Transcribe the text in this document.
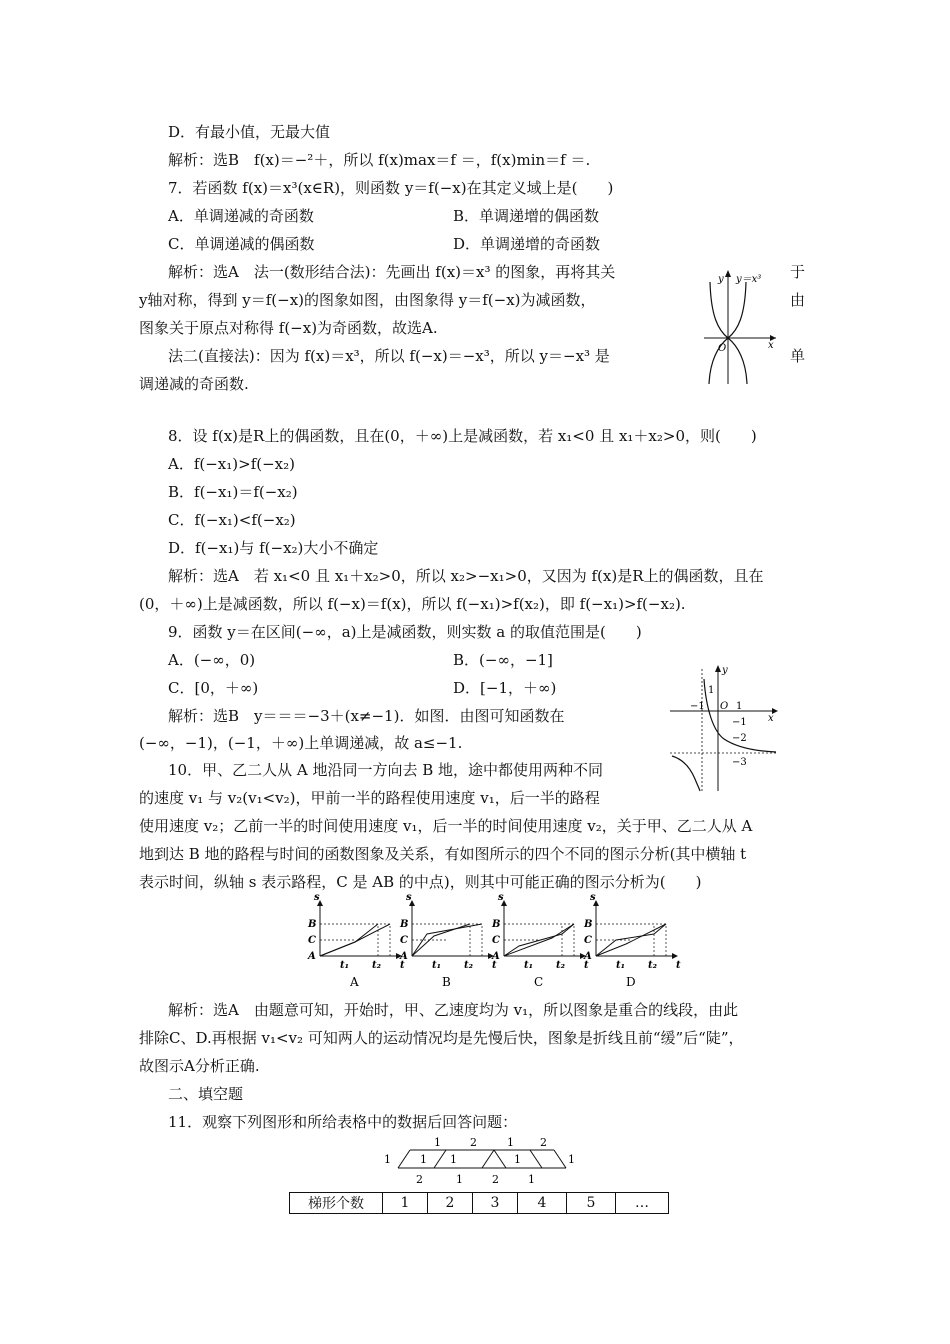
D．有最小值，无最大值
解析：选B　f(x)＝−²＋，所以 f(x)max＝f ＝，f(x)min＝f ＝.
7．若函数 f(x)＝x³(x∈R)，则函数 y＝f(−x)在其定义域上是(　　)
A．单调递减的奇函数	B．单调递增的偶函数
C．单调递减的偶函数	D．单调递增的奇函数
解析：选A　法一(数形结合法)：先画出 f(x)＝x³ 的图象，再将其关	于
y轴对称，得到 y＝f(−x)的图象如图，由图象得 y＝f(−x)为减函数，	由
图象关于原点对称得 f(−x)为奇函数，故选A.
法二(直接法)：因为 f(x)＝x³，所以 f(−x)＝−x³，所以 y＝−x³ 是	单
调递减的奇函数.
8．设 f(x)是R上的偶函数，且在(0，＋∞)上是减函数，若 x₁<0 且 x₁＋x₂>0，则(　　)
A．f(−x₁)>f(−x₂)
B．f(−x₁)＝f(−x₂)
C．f(−x₁)<f(−x₂)
D．f(−x₁)与 f(−x₂)大小不确定
解析：选A　若 x₁<0 且 x₁＋x₂>0，所以 x₂>−x₁>0，又因为 f(x)是R上的偶函数，且在
(0，＋∞)上是减函数，所以 f(−x)＝f(x)，所以 f(−x₁)>f(x₂)，即 f(−x₁)>f(−x₂).
9．函数 y＝在区间(−∞，a)上是减函数，则实数 a 的取值范围是(　　)
A．(−∞，0)	B．(−∞，−1]
C．[0，＋∞)	D．[−1，＋∞)
解析：选B　y＝＝＝−3＋(x≠−1)．如图．由图可知函数在
(−∞，−1)，(−1，＋∞)上单调递减，故 a≤−1.
10．甲、乙二人从 A 地沿同一方向去 B 地，途中都使用两种不同
的速度 v₁ 与 v₂(v₁<v₂)，甲前一半的路程使用速度 v₁，后一半的路程
使用速度 v₂；乙前一半的时间使用速度 v₁，后一半的时间使用速度 v₂，关于甲、乙二人从 A
地到达 B 地的路程与时间的函数图象及关系，有如图所示的四个不同的图示分析(其中横轴 t
表示时间，纵轴 s 表示路程，C 是 AB 的中点)，则其中可能正确的图示分析为(　　)
解析：选A　由题意可知，开始时，甲、乙速度均为 v₁，所以图象是重合的线段，由此
排除C、D.再根据 v₁<v₂ 可知两人的运动情况均是先慢后快，图象是折线且前“缓”后“陡”，
故图示A分析正确.
二、填空题
11．观察下列图形和所给表格中的数据后回答问题：
y y＝x³
O	x
y
1
−1 O 1
x
−1
−2
−3
s
t
B
C
A
t₁ t₂
A
s
t
B
C
A
t₁ t₂
B
s
t
B
C
A
t₁ t₂
C
s
t
B
C
A
t₁ t₂
D
1	2	1 2
1	1 1	1	1
2	1	2	1
梯形个数	1	2	3	4	5	…
